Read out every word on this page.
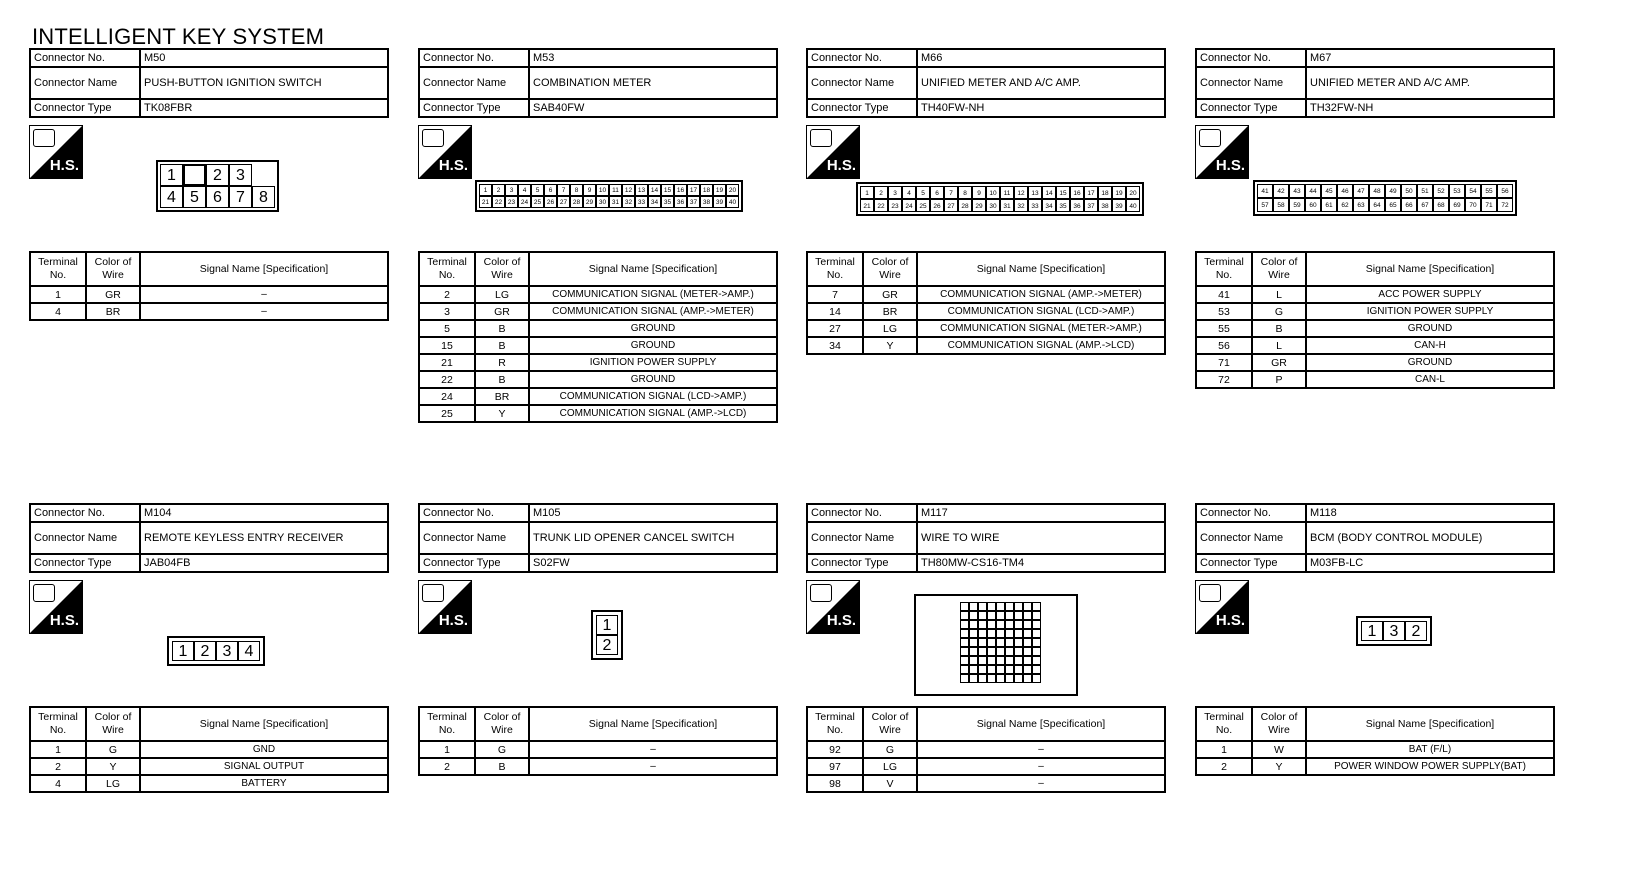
INTELLIGENT KEY SYSTEM
Connector No.	M50
Connector Name	PUSH-BUTTON IGNITION SWITCH
Connector Type	TK08FBR
H.S.
Terminal No.	Color of Wire	Signal Name [Specification]
1	GR	–
4	BR	–
Connector No.	M53
Connector Name	COMBINATION METER
Connector Type	SAB40FW
H.S.
Terminal No.	Color of Wire	Signal Name [Specification]
2	LG	COMMUNICATION SIGNAL (METER->AMP.)
3	GR	COMMUNICATION SIGNAL (AMP.->METER)
5	B	GROUND
15	B	GROUND
21	R	IGNITION POWER SUPPLY
22	B	GROUND
24	BR	COMMUNICATION SIGNAL (LCD->AMP.)
25	Y	COMMUNICATION SIGNAL (AMP.->LCD)
Connector No.	M66
Connector Name	UNIFIED METER AND A/C AMP.
Connector Type	TH40FW-NH
H.S.
Terminal No.	Color of Wire	Signal Name [Specification]
7	GR	COMMUNICATION SIGNAL (AMP.->METER)
14	BR	COMMUNICATION SIGNAL (LCD->AMP.)
27	LG	COMMUNICATION SIGNAL (METER->AMP.)
34	Y	COMMUNICATION SIGNAL (AMP.->LCD)
Connector No.	M67
Connector Name	UNIFIED METER AND A/C AMP.
Connector Type	TH32FW-NH
H.S.
Terminal No.	Color of Wire	Signal Name [Specification]
41	L	ACC POWER SUPPLY
53	G	IGNITION POWER SUPPLY
55	B	GROUND
56	L	CAN-H
71	GR	GROUND
72	P	CAN-L
Connector No.	M104
Connector Name	REMOTE KEYLESS ENTRY RECEIVER
Connector Type	JAB04FB
H.S.
Terminal No.	Color of Wire	Signal Name [Specification]
1	G	GND
2	Y	SIGNAL OUTPUT
4	LG	BATTERY
Connector No.	M105
Connector Name	TRUNK LID OPENER CANCEL SWITCH
Connector Type	S02FW
H.S.
Terminal No.	Color of Wire	Signal Name [Specification]
1	G	–
2	B	–
Connector No.	M117
Connector Name	WIRE TO WIRE
Connector Type	TH80MW-CS16-TM4
H.S.
Terminal No.	Color of Wire	Signal Name [Specification]
92	G	–
97	LG	–
98	V	–
Connector No.	M118
Connector Name	BCM (BODY CONTROL MODULE)
Connector Type	M03FB-LC
H.S.
Terminal No.	Color of Wire	Signal Name [Specification]
1	W	BAT (F/L)
2	Y	POWER WINDOW POWER SUPPLY(BAT)
1	2 3
4 5 6 7 8	1	2	3	4	5	6	7	8	9	10 11 12 13 14 15 16 17 18 19 20
21 22 23 24 25 26 27 28 29 30 31 32 33 34 35 36 37 38 39 40
1	2	3	4	5	6	7	8	9	10	11	12	13	14	15	16	17	18	19	20
21	22	23	24	25	26	27	28	29	30	31	32	33	34	35	36	37	38	39	40
41	42	43	44	45	46	47	48	49	50	51	52	53	54	55	56
57	58	59	60	61	62	63	64	65	66	67	68	69	70	71	72
1 2 3 4
1
2
1 3 2
